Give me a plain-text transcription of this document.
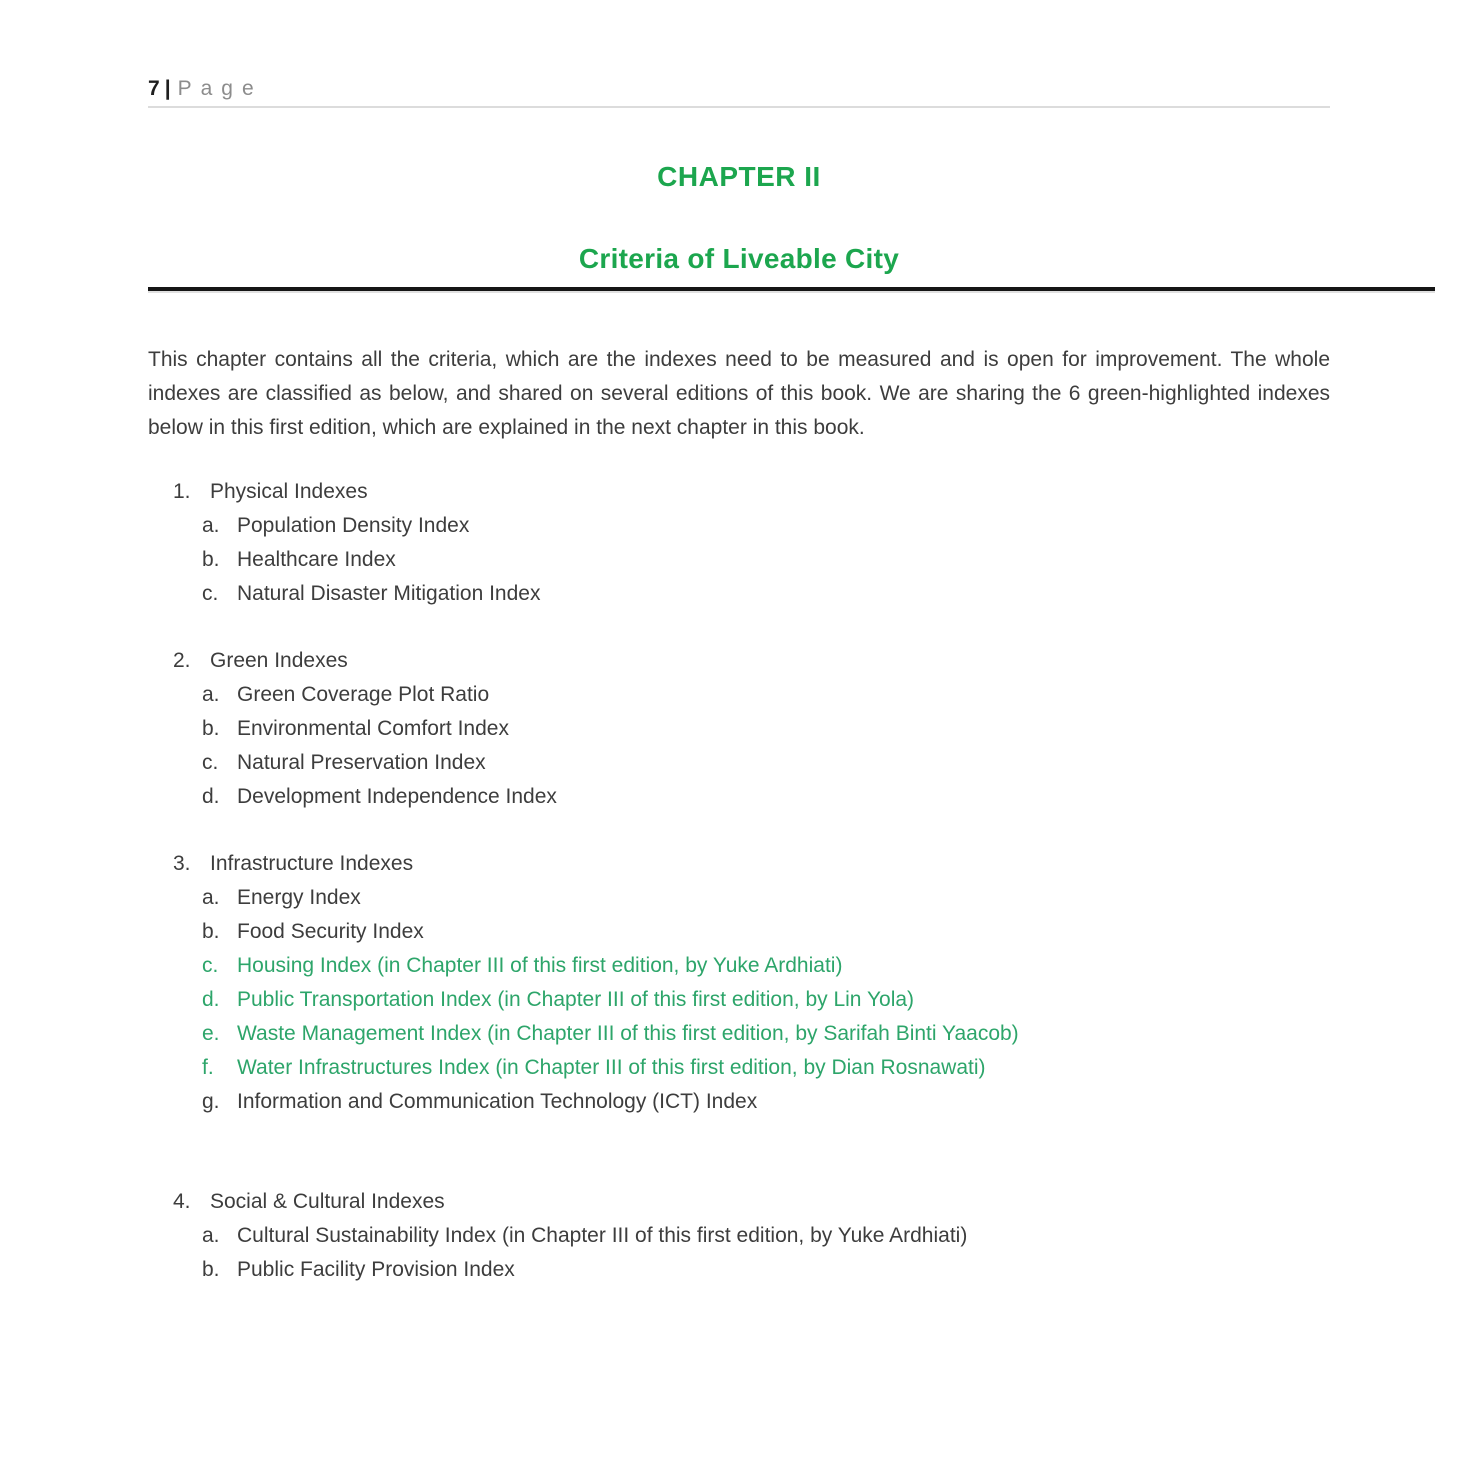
7 | Page
CHAPTER II
Criteria of Liveable City

This chapter contains all the criteria, which are the indexes need to be measured and is open for improvement. The whole indexes are classified as below, and shared on several editions of this book. We are sharing the 6 green-highlighted indexes below in this first edition, which are explained in the next chapter in this book.

1. Physical Indexes
a. Population Density Index
b. Healthcare Index
c. Natural Disaster Mitigation Index
2. Green Indexes
a. Green Coverage Plot Ratio
b. Environmental Comfort Index
c. Natural Preservation Index
d. Development Independence Index
3. Infrastructure Indexes
a. Energy Index
b. Food Security Index
c. Housing Index (in Chapter III of this first edition, by Yuke Ardhiati)
d. Public Transportation Index (in Chapter III of this first edition, by Lin Yola)
e. Waste Management Index (in Chapter III of this first edition, by Sarifah Binti Yaacob)
f.	Water Infrastructures Index (in Chapter III of this first edition, by Dian Rosnawati)
g. Information and Communication Technology (ICT) Index
4. Social & Cultural Indexes
a. Cultural Sustainability Index (in Chapter III of this first edition, by Yuke Ardhiati)
b. Public Facility Provision Index
